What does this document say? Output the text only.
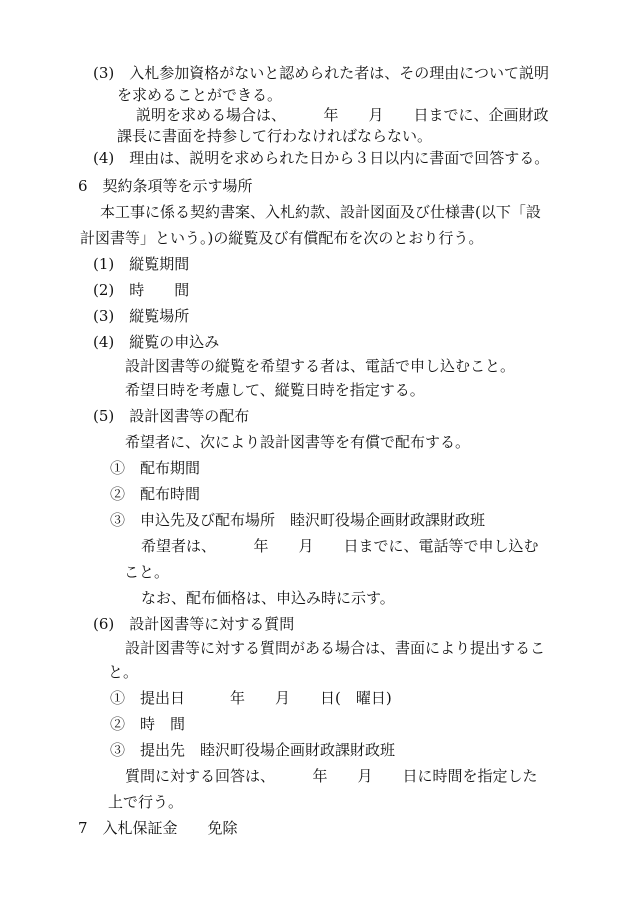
(3)　入札参加資格がないと認められた者は、その理由について説明
を求めることができる。
説明を求める場合は、　　　年　　月　　日までに、企画財政
課長に書面を持参して行わなければならない。
(4)　理由は、説明を求められた日から３日以内に書面で回答する。
6　契約条項等を示す場所
本工事に係る契約書案、入札約款、設計図面及び仕様書(以下「設
計図書等」という。)の縦覧及び有償配布を次のとおり行う。
(1)　縦覧期間
(2)　時　　間
(3)　縦覧場所
(4)　縦覧の申込み
設計図書等の縦覧を希望する者は、電話で申し込むこと。
希望日時を考慮して、縦覧日時を指定する。
(5)　設計図書等の配布
希望者に、次により設計図書等を有償で配布する。
①　配布期間
②　配布時間
③　申込先及び配布場所　睦沢町役場企画財政課財政班
希望者は、　　　年　　月　　日までに、電話等で申し込む
こと。
なお、配布価格は、申込み時に示す。
(6)　設計図書等に対する質問
設計図書等に対する質問がある場合は、書面により提出するこ
と。
①　提出日　　　年　　月　　日(　曜日)
②　時　間
③　提出先　睦沢町役場企画財政課財政班
質問に対する回答は、　　　年　　月　　日に時間を指定した
上で行う。
7　入札保証金　　免除
